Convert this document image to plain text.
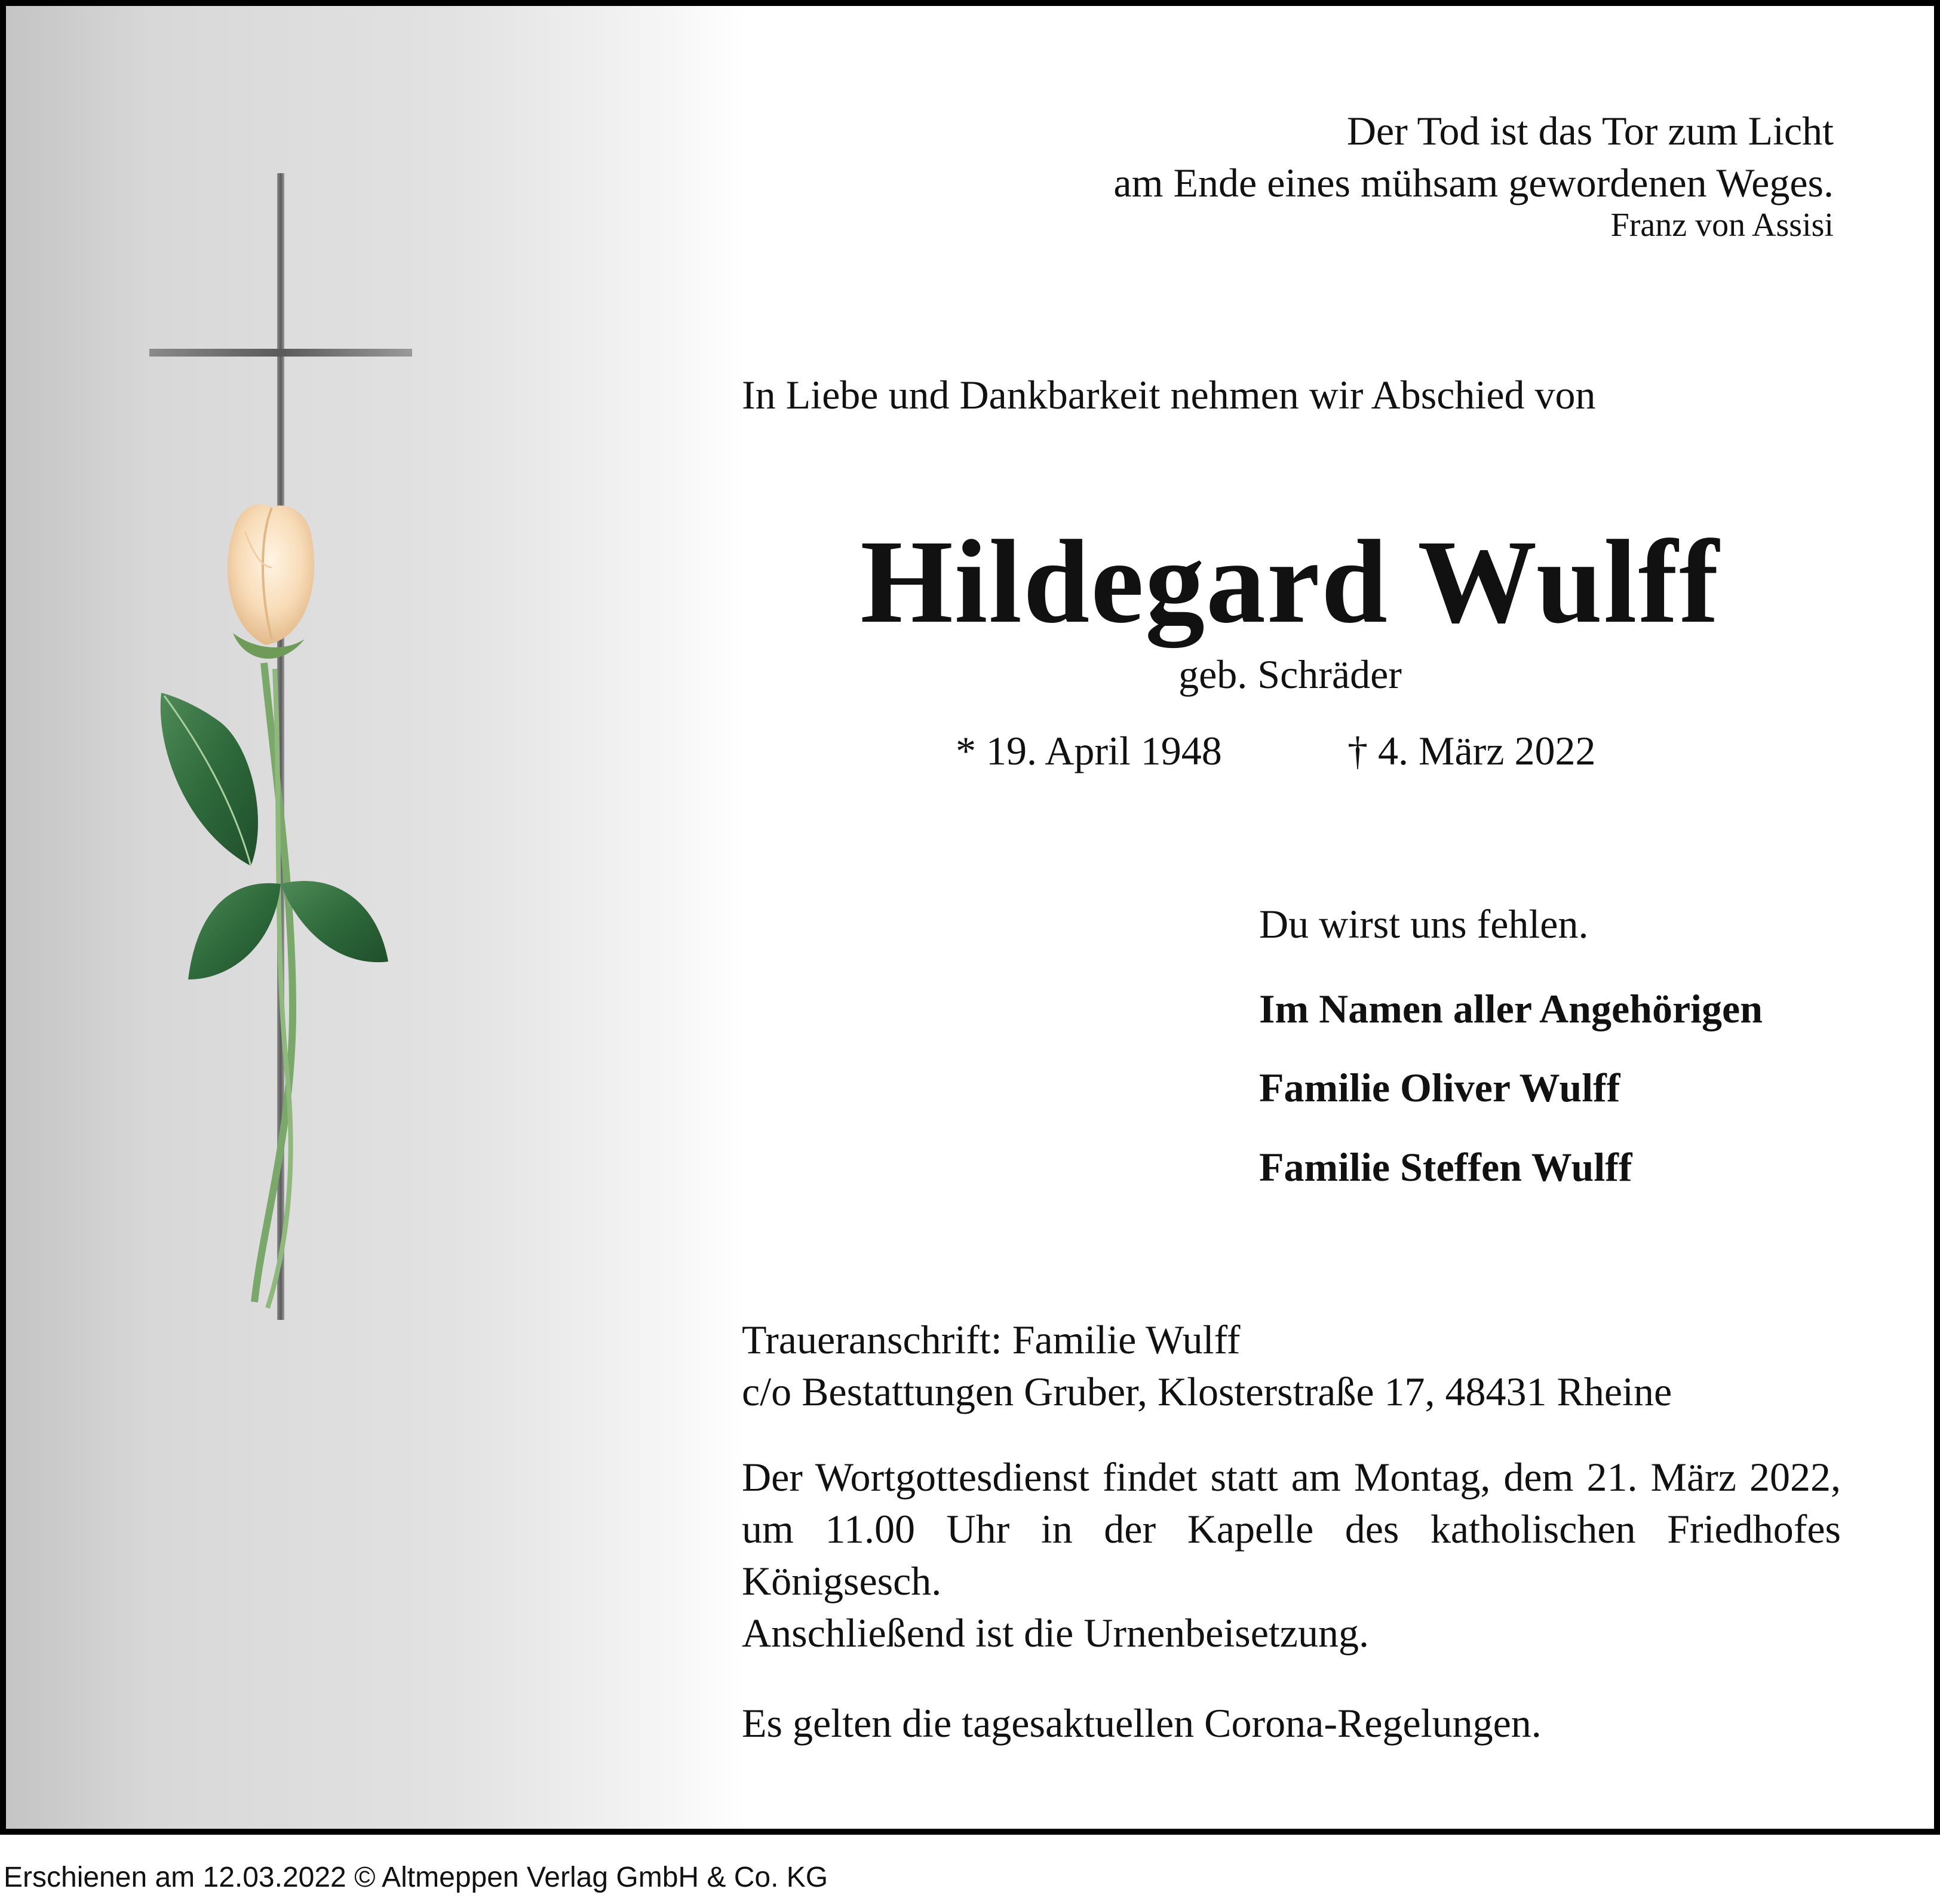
Der Tod ist das Tor zum Licht
am Ende eines mühsam gewordenen Weges.
Franz von Assisi
In Liebe und Dankbarkeit nehmen wir Abschied von
Hildegard Wulff
geb. Schräder
* 19. April 1948	† 4. März 2022
Du wirst uns fehlen.
Im Namen aller Angehörigen
Familie Oliver Wulff
Familie Steffen Wulff
Traueranschrift: Familie Wulff
c/o Bestattungen Gruber, Klosterstraße 17, 48431 Rheine
Der Wortgottesdienst findet statt am Montag, dem 21. März 2022, um 11.00 Uhr in der Kapelle des katholischen Friedhofes Königsesch.
Anschließend ist die Urnenbeisetzung.
Es gelten die tagesaktuellen Corona-Regelungen.
Erschienen am 12.03.2022 © Altmeppen Verlag GmbH & Co. KG
